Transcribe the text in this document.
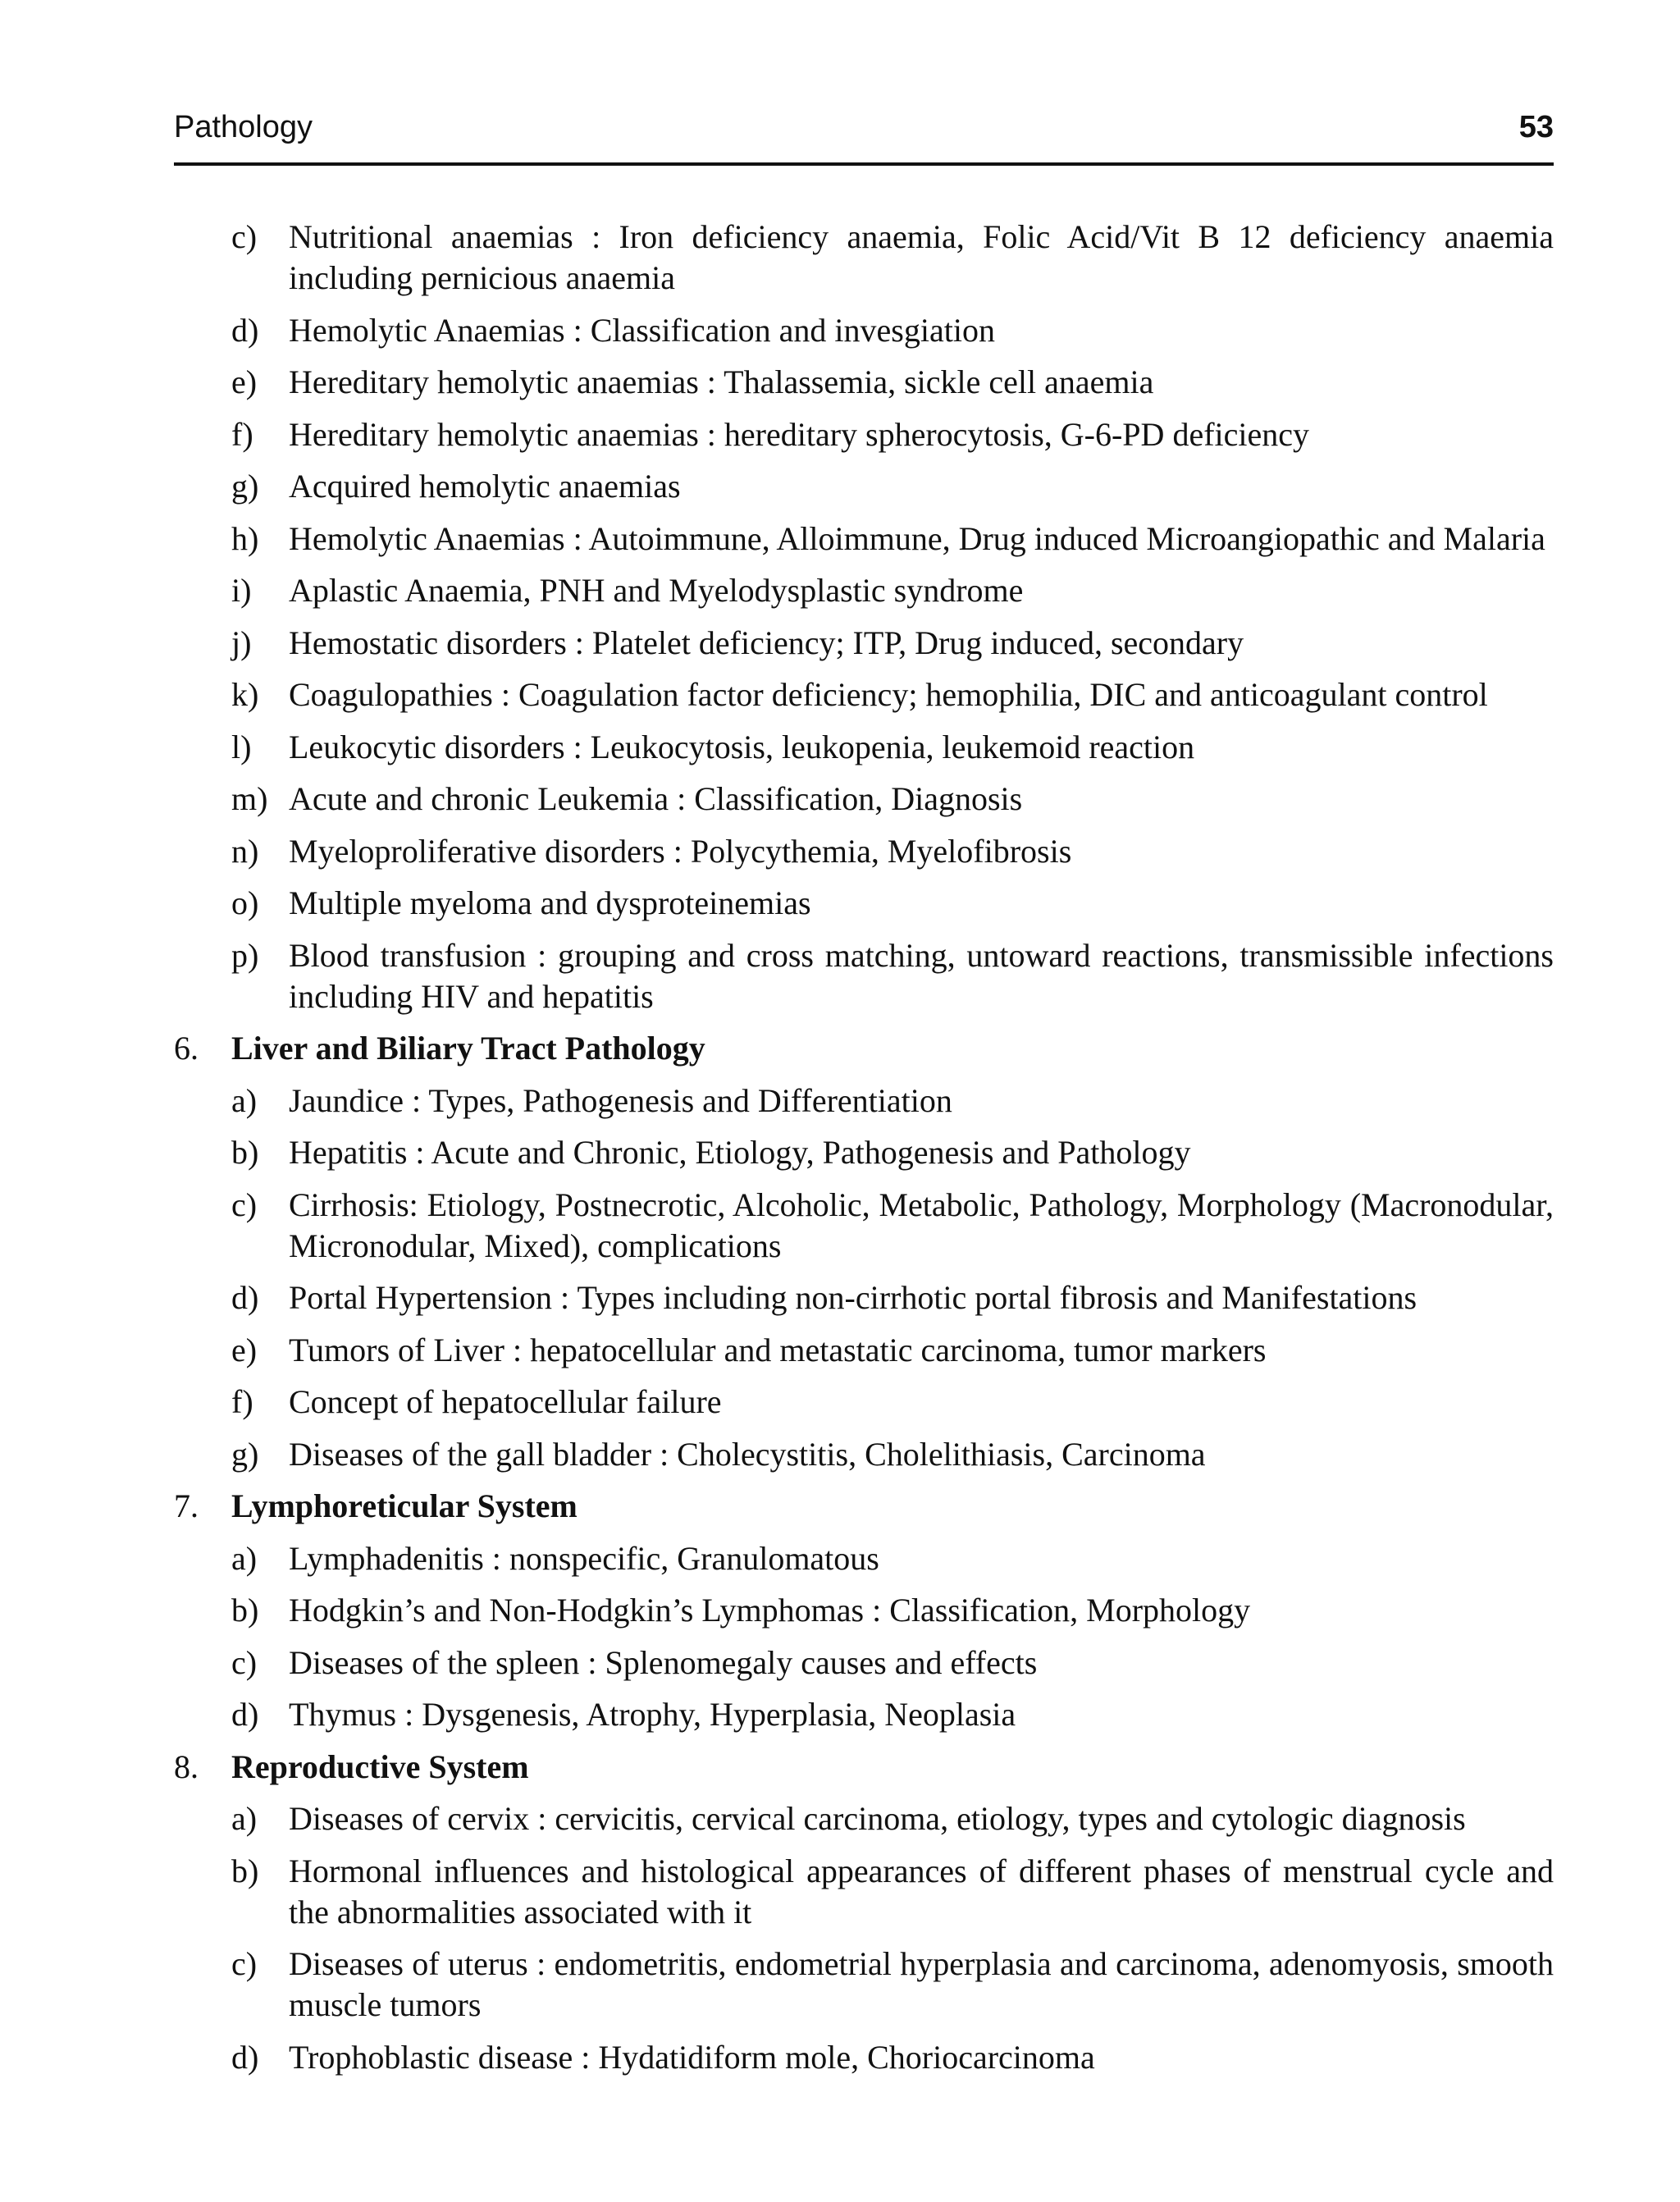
Pathology	53
c) Nutritional anaemias : Iron deficiency anaemia, Folic Acid/Vit B 12 deficiency anaemia including pernicious anaemia
d) Hemolytic Anaemias : Classification and invesgiation
e) Hereditary hemolytic anaemias : Thalassemia, sickle cell anaemia
f) Hereditary hemolytic anaemias : hereditary spherocytosis, G-6-PD deficiency
g) Acquired hemolytic anaemias
h) Hemolytic Anaemias : Autoimmune, Alloimmune, Drug induced Microangiopathic and Malaria
i) Aplastic Anaemia, PNH and Myelodysplastic syndrome
j) Hemostatic disorders : Platelet deficiency; ITP, Drug induced, secondary
k) Coagulopathies : Coagulation factor deficiency; hemophilia, DIC and anticoagulant control
l) Leukocytic disorders : Leukocytosis, leukopenia, leukemoid reaction
m) Acute and chronic Leukemia : Classification, Diagnosis
n) Myeloproliferative disorders : Polycythemia, Myelofibrosis
o) Multiple myeloma and dysproteinemias
p) Blood transfusion : grouping and cross matching, untoward reactions, transmissible infections including HIV and hepatitis
6. Liver and Biliary Tract Pathology
a) Jaundice : Types, Pathogenesis and Differentiation
b) Hepatitis : Acute and Chronic, Etiology, Pathogenesis and Pathology
c) Cirrhosis: Etiology, Postnecrotic, Alcoholic, Metabolic, Pathology, Morphology (Macronodular, Micronodular, Mixed), complications
d) Portal Hypertension : Types including non-cirrhotic portal fibrosis and Manifestations
e) Tumors of Liver : hepatocellular and metastatic carcinoma, tumor markers
f) Concept of hepatocellular failure
g) Diseases of the gall bladder : Cholecystitis, Cholelithiasis, Carcinoma
7. Lymphoreticular System
a) Lymphadenitis : nonspecific, Granulomatous
b) Hodgkin’s and Non-Hodgkin’s Lymphomas : Classification, Morphology
c) Diseases of the spleen : Splenomegaly causes and effects
d) Thymus : Dysgenesis, Atrophy, Hyperplasia, Neoplasia
8. Reproductive System
a) Diseases of cervix : cervicitis, cervical carcinoma, etiology, types and cytologic diagnosis
b) Hormonal influences and histological appearances of different phases of menstrual cycle and the abnormalities associated with it
c) Diseases of uterus : endometritis, endometrial hyperplasia and carcinoma, adenomyosis, smooth muscle tumors
d) Trophoblastic disease : Hydatidiform mole, Choriocarcinoma
